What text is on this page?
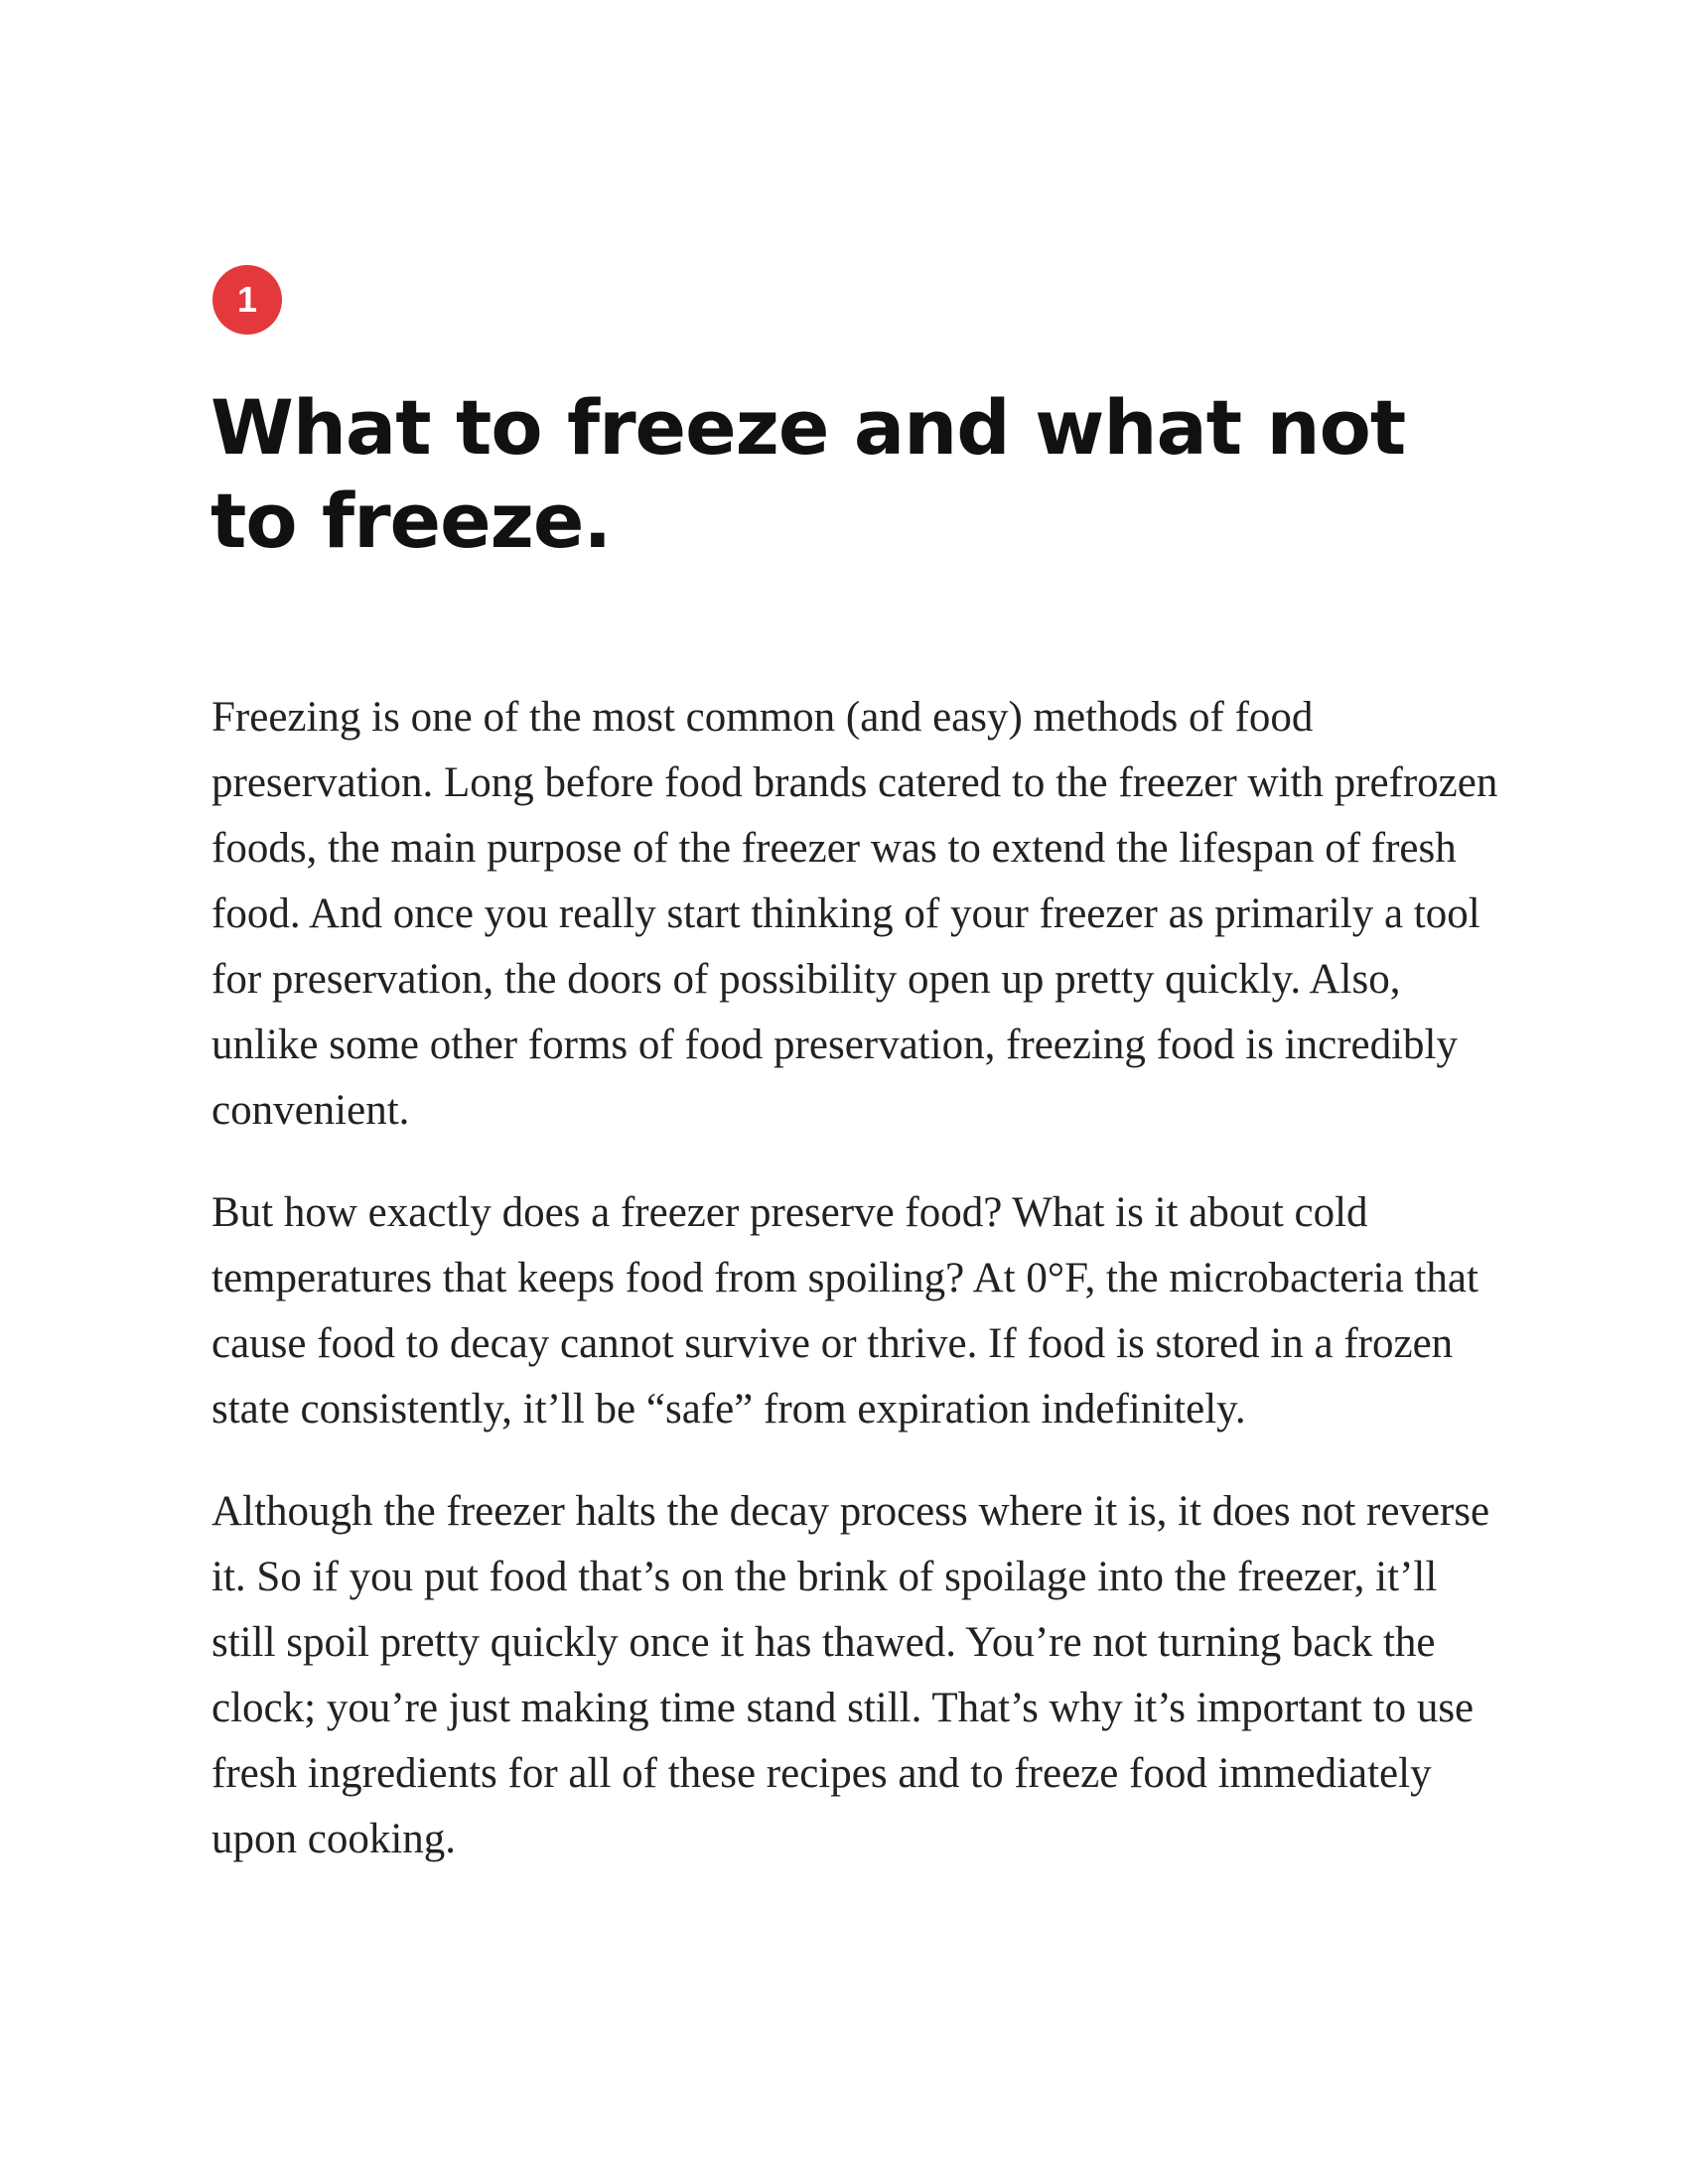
1
What to freeze and what not to freeze.

Freezing is one of the most common (and easy) methods of food preservation. Long before food brands catered to the freezer with prefrozen foods, the main purpose of the freezer was to extend the lifespan of fresh food. And once you really start thinking of your freezer as primarily a tool for preservation, the doors of possibility open up pretty quickly. Also, unlike some other forms of food preservation, freezing food is incredibly convenient.

But how exactly does a freezer preserve food? What is it about cold temperatures that keeps food from spoiling? At 0°F, the microbacteria that cause food to decay cannot survive or thrive. If food is stored in a frozen state consistently, it’ll be “safe” from expiration indefinitely.

Although the freezer halts the decay process where it is, it does not reverse it. So if you put food that’s on the brink of spoilage into the freezer, it’ll still spoil pretty quickly once it has thawed. You’re not turning back the clock; you’re just making time stand still. That’s why it’s important to use fresh ingredients for all of these recipes and to freeze food immediately upon cooking.
